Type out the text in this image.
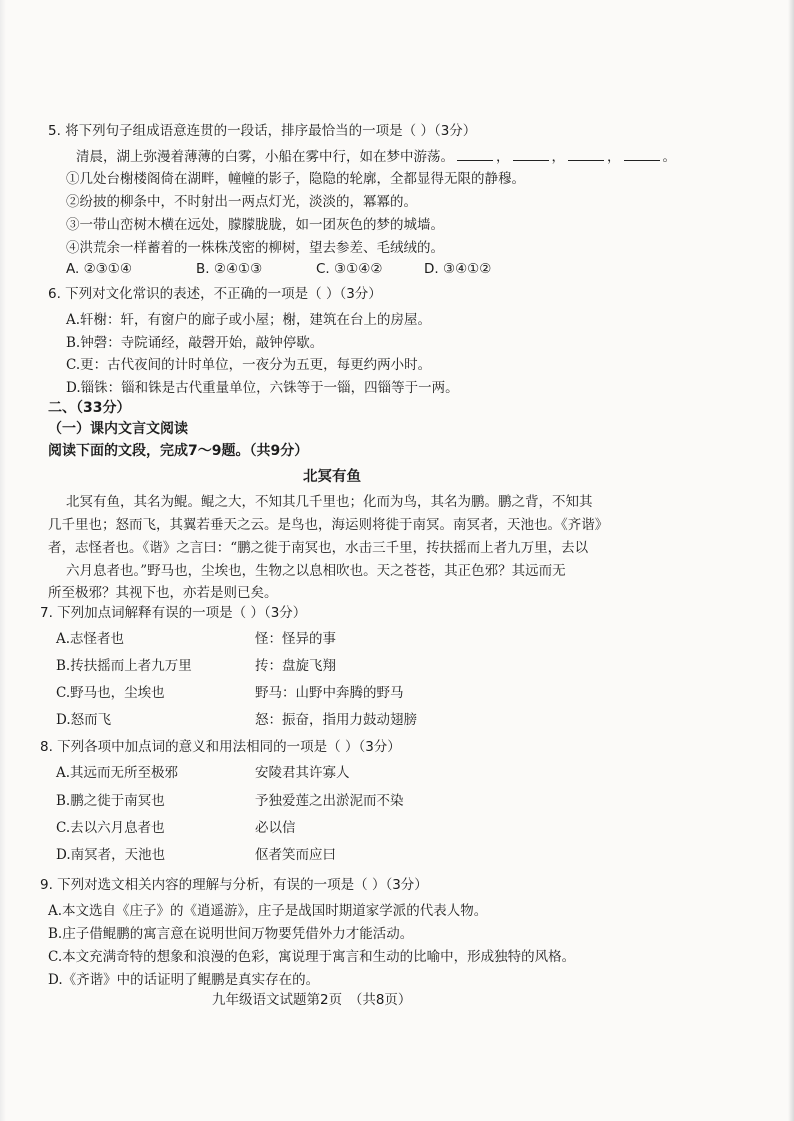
5. 将下列句子组成语意连贯的一段话，排序最恰当的一项是（ ）（3分）
清晨，湖上弥漫着薄薄的白雾，小船在雾中行，如在梦中游荡。	，	，	，	。
①几处台榭楼阁倚在湖畔，幢幢的影子，隐隐的轮廓，全都显得无限的静穆。
②纷披的柳条中，不时射出一两点灯光，淡淡的，冪冪的。
③一带山峦树木横在远处，朦朦胧胧，如一团灰色的梦的城墙。
④洪荒余一样蓄着的一株株茂密的柳树，望去参差、毛绒绒的。
A. ②③①④	B. ②④①③	C. ③①④②	D. ③④①②
6. 下列对文化常识的表述，不正确的一项是（ ）（3分）
A.轩榭：轩，有窗户的廊子或小屋；榭，建筑在台上的房屋。
B.钟磬：寺院诵经，敲磬开始，敲钟停歇。
C.更：古代夜间的计时单位，一夜分为五更，每更约两小时。
D.锱铢：锱和铢是古代重量单位，六铢等于一锱，四锱等于一两。
二、（33分）
（一）课内文言文阅读
阅读下面的文段，完成7～9题。（共9分）
北冥有鱼
北冥有鱼，其名为鲲。鲲之大，不知其几千里也；化而为鸟，其名为鹏。鹏之背，不知其
几千里也；怒而飞，其翼若垂天之云。是鸟也，海运则将徙于南冥。南冥者，天池也。《齐谐》
者，志怪者也。《谐》之言曰：“鹏之徙于南冥也，水击三千里，抟扶摇而上者九万里，去以
六月息者也。”野马也，尘埃也，生物之以息相吹也。天之苍苍，其正色邪？其远而无
所至极邪？其视下也，亦若是则已矣。
7. 下列加点词解释有误的一项是（ ）（3分）
A.志怪者也	怪：怪异的事
B.抟扶摇而上者九万里	抟：盘旋飞翔
C.野马也，尘埃也	野马：山野中奔腾的野马
D.怒而飞	怒：振奋，指用力鼓动翅膀
8. 下列各项中加点词的意义和用法相同的一项是（ ）（3分）
A.其远而无所至极邪	安陵君其许寡人
B.鹏之徙于南冥也	予独爱莲之出淤泥而不染
C.去以六月息者也	必以信
D.南冥者，天池也	伛者笑而应曰
9. 下列对选文相关内容的理解与分析，有误的一项是（ ）（3分）
A.本文选自《庄子》的《逍遥游》，庄子是战国时期道家学派的代表人物。
B.庄子借鲲鹏的寓言意在说明世间万物要凭借外力才能活动。
C.本文充满奇特的想象和浪漫的色彩，寓说理于寓言和生动的比喻中，形成独特的风格。
D.《齐谐》中的话证明了鲲鹏是真实存在的。
九年级语文试题第2页　（共8页）
